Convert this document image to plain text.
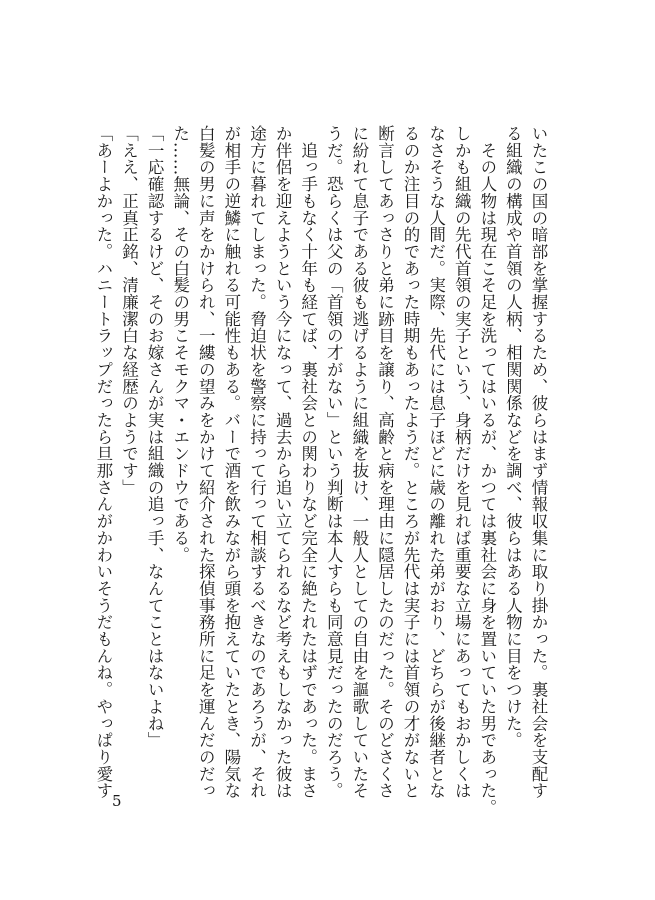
いたこの国の暗部を掌握するため、彼らはまず情報収集に取り掛かった。裏社会を支配す
る組織の構成や首領の人柄、相関関係などを調べ、彼らはある人物に目をつけた。
　その人物は現在こそ足を洗ってはいるが、かつては裏社会に身を置いていた男であった。
しかも組織の先代首領の実子という、身柄だけを見れば重要な立場にあってもおかしくは
なさそうな人間だ。実際、先代には息子ほどに歳の離れた弟がおり、どちらが後継者とな
るのか注目の的であった時期もあったようだ。ところが先代は実子には首領の才がないと
断言してあっさりと弟に跡目を譲り、高齢と病を理由に隠居したのだった。そのどさくさ
に紛れて息子である彼も逃げるように組織を抜け、一般人としての自由を謳歌していたそ
うだ。恐らくは父の「首領の才がない」という判断は本人すらも同意見だったのだろう。
　追っ手もなく十年も経てば、裏社会との関わりなど完全に絶たれたはずであった。まさ
か伴侶を迎えようという今になって、過去から追い立てられるなど考えもしなかった彼は
途方に暮れてしまった。脅迫状を警察に持って行って相談するべきなのであろうが、それ
が相手の逆鱗に触れる可能性もある。バーで酒を飲みながら頭を抱えていたとき、陽気な
白髪の男に声をかけられ、一縷の望みをかけて紹介された探偵事務所に足を運んだのだっ
た……無論、その白髪の男こそモクマ・エンドウである。
「一応確認するけど、そのお嫁さんが実は組織の追っ手、なんてことはないよね」
「ええ、正真正銘、清廉潔白な経歴のようです」
「あーよかった。ハニートラップだったら旦那さんがかわいそうだもんね。やっぱり愛す
5
